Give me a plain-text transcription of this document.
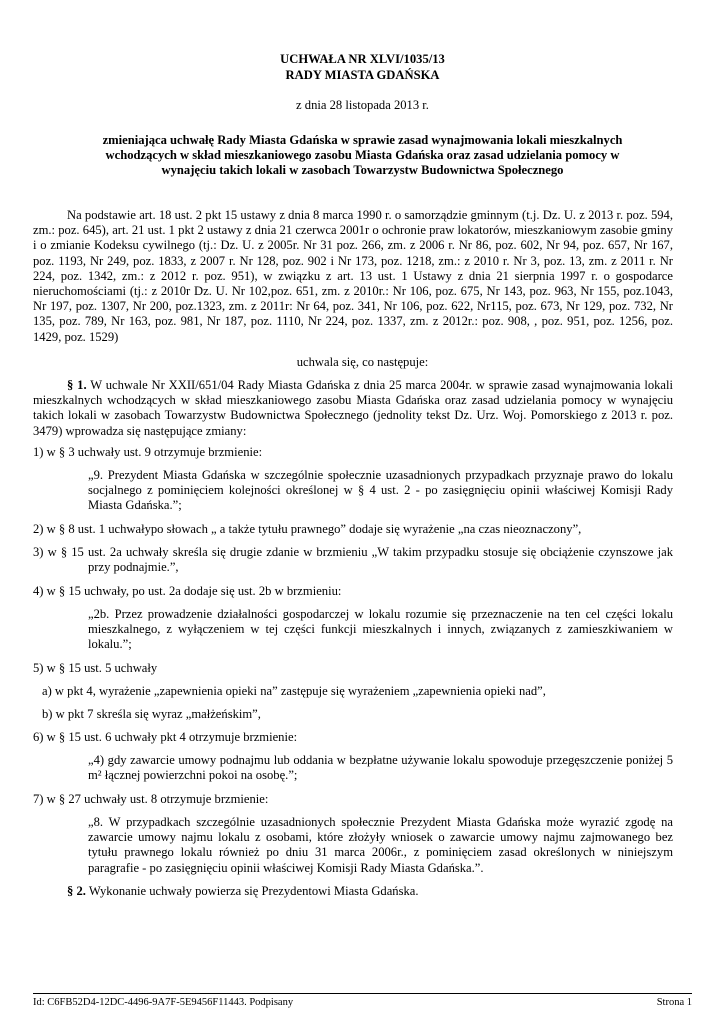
UCHWAŁA NR XLVI/1035/13
RADY MIASTA GDAŃSKA
z dnia 28 listopada 2013 r.
zmieniająca uchwałę Rady Miasta Gdańska w sprawie zasad wynajmowania lokali mieszkalnych wchodzących w skład mieszkaniowego zasobu Miasta Gdańska oraz zasad udzielania pomocy w wynajęciu takich lokali w zasobach Towarzystw Budownictwa Społecznego
Na podstawie art. 18 ust. 2 pkt 15 ustawy z dnia 8 marca 1990 r. o samorządzie gminnym (t.j. Dz. U. z 2013 r. poz. 594, zm.: poz. 645), art. 21 ust. 1 pkt 2 ustawy z dnia 21 czerwca 2001r o ochronie praw lokatorów, mieszkaniowym zasobie gminy i o zmianie Kodeksu cywilnego (tj.: Dz. U. z 2005r. Nr 31 poz. 266, zm. z 2006 r. Nr 86, poz. 602, Nr 94, poz. 657, Nr 167, poz. 1193, Nr 249, poz. 1833, z 2007 r. Nr 128, poz. 902 i Nr 173, poz. 1218, zm.: z 2010 r. Nr 3, poz. 13, zm. z 2011 r. Nr 224, poz. 1342, zm.: z 2012 r. poz. 951), w związku z art. 13 ust. 1 Ustawy z dnia 21 sierpnia 1997 r. o gospodarce nieruchomościami (tj.: z 2010r Dz. U. Nr 102,poz. 651, zm. z 2010r.: Nr 106, poz. 675, Nr 143, poz. 963, Nr 155, poz.1043, Nr 197, poz. 1307, Nr 200, poz.1323, zm. z 2011r: Nr 64, poz. 341, Nr 106, poz. 622, Nr115, poz. 673, Nr 129, poz. 732, Nr 135, poz. 789, Nr 163, poz. 981, Nr 187, poz. 1110, Nr 224, poz. 1337, zm. z 2012r.: poz. 908, , poz. 951, poz. 1256, poz. 1429, poz. 1529)
uchwala się, co następuje:
§ 1. W uchwale Nr XXII/651/04 Rady Miasta Gdańska z dnia 25 marca 2004r. w sprawie zasad wynajmowania lokali mieszkalnych wchodzących w skład mieszkaniowego zasobu Miasta Gdańska oraz zasad udzielania pomocy w wynajęciu takich lokali w zasobach Towarzystw Budownictwa Społecznego (jednolity tekst Dz. Urz. Woj. Pomorskiego z 2013 r. poz. 3479) wprowadza się następujące zmiany:
1) w § 3 uchwały ust. 9 otrzymuje brzmienie:
„9. Prezydent Miasta Gdańska w szczególnie społecznie uzasadnionych przypadkach przyznaje prawo do lokalu socjalnego z pominięciem kolejności określonej w § 4 ust. 2 - po zasięgnięciu opinii właściwej Komisji Rady Miasta Gdańska.”;
2) w § 8 ust. 1 uchwałypo słowach „ a także tytułu prawnego” dodaje się wyrażenie „na czas nieoznaczony”,
3) w § 15 ust. 2a uchwały skreśla się drugie zdanie w brzmieniu „W takim przypadku stosuje się obciążenie czynszowe jak przy podnajmie.”,
4) w § 15 uchwały, po ust. 2a dodaje się ust. 2b w brzmieniu:
„2b. Przez prowadzenie działalności gospodarczej w lokalu rozumie się przeznaczenie na ten cel części lokalu mieszkalnego, z wyłączeniem w tej części funkcji mieszkalnych i innych, związanych z zamieszkiwaniem w lokalu.”;
5) w § 15 ust. 5 uchwały
a) w pkt 4, wyrażenie „zapewnienia opieki na” zastępuje się wyrażeniem „zapewnienia opieki nad”,
b) w pkt 7 skreśla się wyraz „małżeńskim”,
6) w § 15 ust. 6 uchwały pkt 4 otrzymuje brzmienie:
„4) gdy zawarcie umowy podnajmu lub oddania w bezpłatne używanie lokalu spowoduje przegęszczenie poniżej 5 m² łącznej powierzchni pokoi na osobę.”;
7) w § 27 uchwały ust. 8 otrzymuje brzmienie:
„8. W przypadkach szczególnie uzasadnionych społecznie Prezydent Miasta Gdańska może wyrazić zgodę na zawarcie umowy najmu lokalu z osobami, które złożyły wniosek o zawarcie umowy najmu zajmowanego bez tytułu prawnego lokalu również po dniu 31 marca 2006r., z pominięciem zasad określonych w niniejszym paragrafie - po zasięgnięciu opinii właściwej Komisji Rady Miasta Gdańska.”.
§ 2. Wykonanie uchwały powierza się Prezydentowi Miasta Gdańska.
Id: C6FB52D4-12DC-4496-9A7F-5E9456F11443. Podpisany	Strona 1
